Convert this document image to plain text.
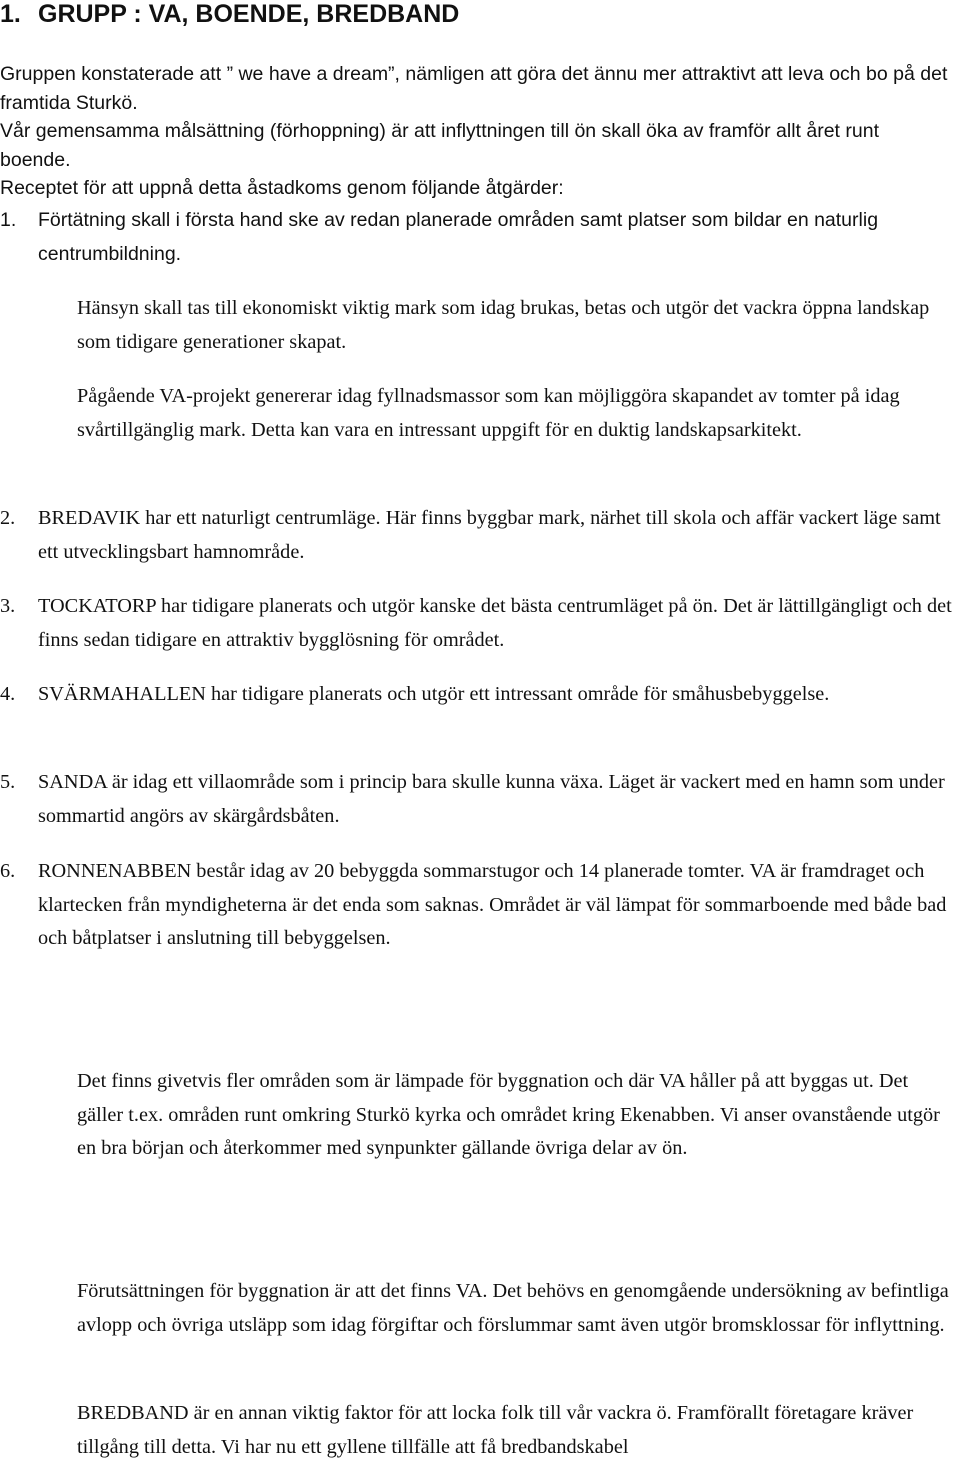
1. GRUPP : VA, BOENDE, BREDBAND

Gruppen konstaterade att ” we have a dream”, nämligen att göra det ännu mer attraktivt att leva och bo på det framtida Sturkö.

Vår gemensamma målsättning (förhoppning) är att inflyttningen till ön skall öka av framför allt året runt boende.

Receptet för att uppnå detta åstadkoms genom följande åtgärder:

1.	Förtätning skall i första hand ske av redan planerade områden samt platser som bildar en naturlig centrumbildning.

Hänsyn skall tas till ekonomiskt viktig mark som idag brukas, betas och utgör det vackra öppna landskap som tidigare generationer skapat.

Pågående VA-projekt genererar idag fyllnadsmassor som kan möjliggöra skapandet av tomter på idag svårtillgänglig mark. Detta kan vara en intressant uppgift för en duktig landskapsarkitekt.

2.	BREDAVIK har ett naturligt centrumläge. Här finns byggbar mark, närhet till skola och affär vackert läge samt ett utvecklingsbart hamnområde.
3.	TOCKATORP har tidigare planerats och utgör kanske det bästa centrumläget på ön. Det är lättillgängligt och det finns sedan tidigare en attraktiv bygglösning för området.
4.	SVÄRMAHALLEN har tidigare planerats och utgör ett intressant område för småhusbebyggelse.
5.	SANDA är idag ett villaområde som i princip bara skulle kunna växa. Läget är vackert med en hamn som under sommartid angörs av skärgårdsbåten.
6.	RONNENABBEN består idag av 20 bebyggda sommarstugor och 14 planerade tomter. VA är framdraget och klartecken från myndigheterna är det enda som saknas. Området är väl lämpat för sommarboende med både bad och båtplatser i anslutning till bebyggelsen.

Det finns givetvis fler områden som är lämpade för byggnation och där VA håller på att byggas ut. Det gäller t.ex. områden runt omkring Sturkö kyrka och området kring Ekenabben. Vi anser ovanstående utgör en bra början och återkommer med synpunkter gällande övriga delar av ön.

Förutsättningen för byggnation är att det finns VA. Det behövs en genomgående undersökning av befintliga avlopp och övriga utsläpp som idag förgiftar och förslummar samt även utgör bromsklossar för inflyttning.

BREDBAND är en annan viktig faktor för att locka folk till vår vackra ö. Framförallt företagare kräver tillgång till detta. Vi har nu ett gyllene tillfälle att få bredbandskabel
